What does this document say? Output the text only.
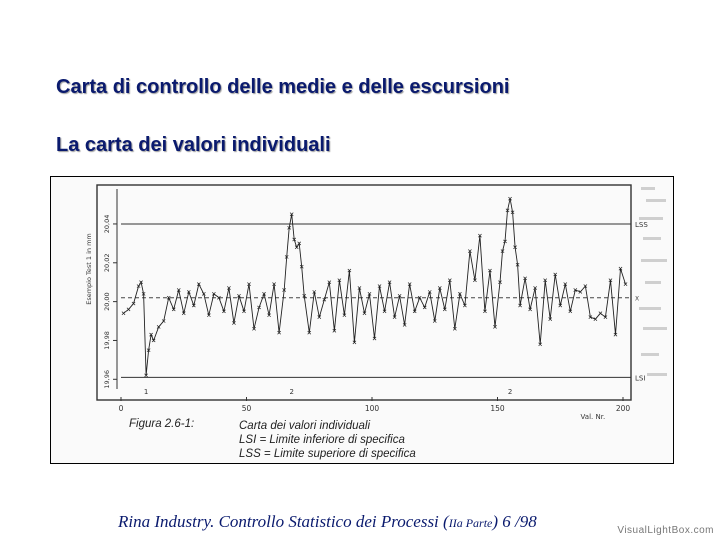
Carta di controllo delle medie e delle escursioni
La carta dei valori individuali
LSS
LSI
X
19,96
19,98
20,00
20,02
20,04
Esempio Test 1 in mm
0	50	100	150	200
Val. Nr.
1	2	2
Figura 2.6-1:	Carta dei valori individuali
LSI = Limite inferiore di specifica
LSS = Limite superiore di specifica
Rina Industry. Controllo Statistico dei Processi (IIa Parte) 6 /98	VisualLightBox.com
